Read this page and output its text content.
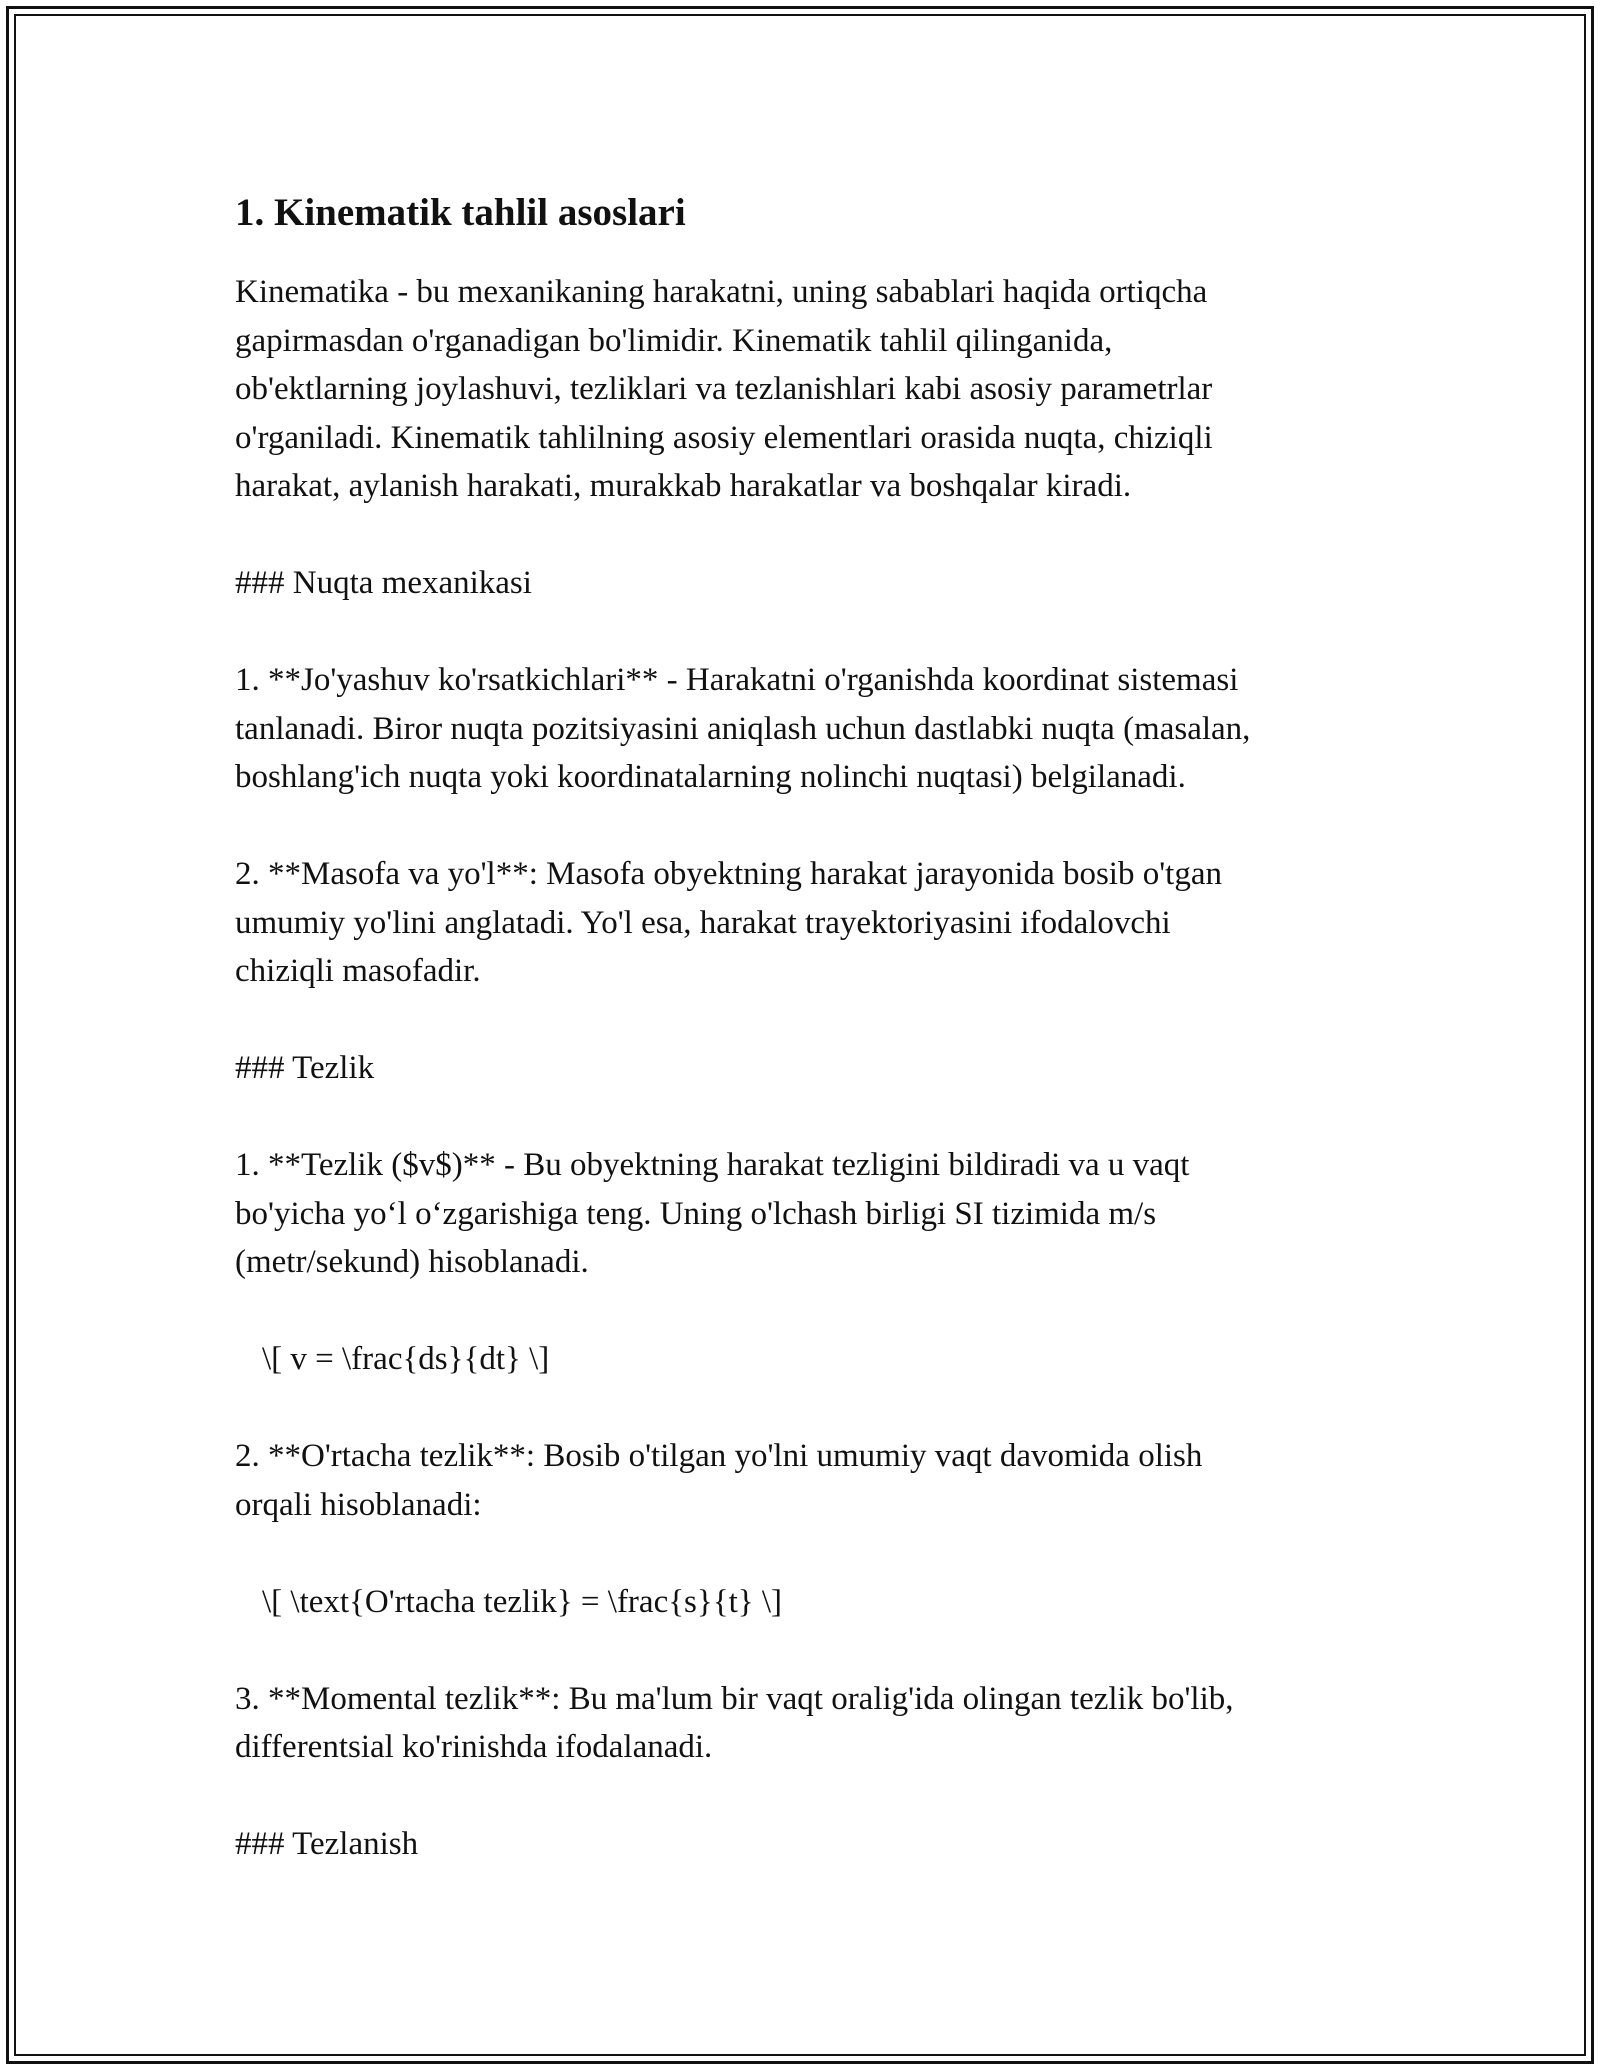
1. Kinematik tahlil asoslari

Kinematika - bu mexanikaning harakatni, uning sabablari haqida ortiqcha
gapirmasdan o'rganadigan bo'limidir. Kinematik tahlil qilinganida,
ob'ektlarning joylashuvi, tezliklari va tezlanishlari kabi asosiy parametrlar
o'rganiladi. Kinematik tahlilning asosiy elementlari orasida nuqta, chiziqli
harakat, aylanish harakati, murakkab harakatlar va boshqalar kiradi.

### Nuqta mexanikasi

1. **Jo'yashuv ko'rsatkichlari** - Harakatni o'rganishda koordinat sistemasi
tanlanadi. Biror nuqta pozitsiyasini aniqlash uchun dastlabki nuqta (masalan,
boshlang'ich nuqta yoki koordinatalarning nolinchi nuqtasi) belgilanadi.

2. **Masofa va yo'l**: Masofa obyektning harakat jarayonida bosib o'tgan
umumiy yo'lini anglatadi. Yo'l esa, harakat trayektoriyasini ifodalovchi
chiziqli masofadir.

### Tezlik

1. **Tezlik ($v$)** - Bu obyektning harakat tezligini bildiradi va u vaqt
bo'yicha yo‘l o‘zgarishiga teng. Uning o'lchash birligi SI tizimida m/s
(metr/sekund) hisoblanadi.

\[ v = \frac{ds}{dt} \]

2. **O'rtacha tezlik**: Bosib o'tilgan yo'lni umumiy vaqt davomida olish
orqali hisoblanadi:

\[ \text{O'rtacha tezlik} = \frac{s}{t} \]

3. **Momental tezlik**: Bu ma'lum bir vaqt oralig'ida olingan tezlik bo'lib,
differentsial ko'rinishda ifodalanadi.

### Tezlanish
